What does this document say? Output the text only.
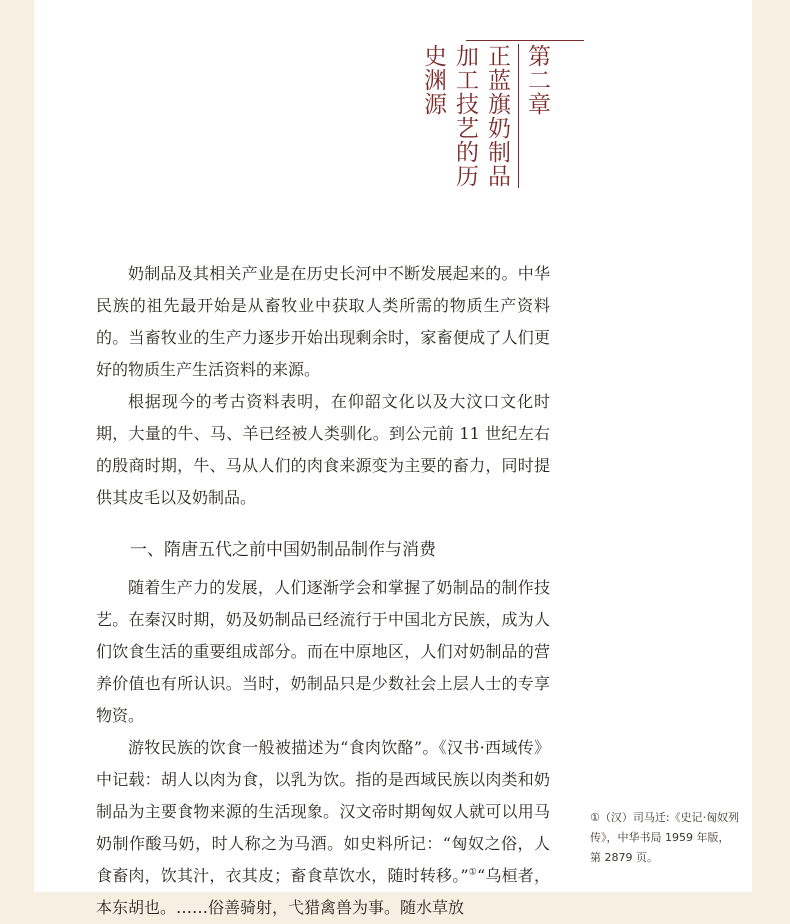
第二章
正蓝旗奶制品
加工技艺的历
史渊源

奶制品及其相关产业是在历史长河中不断发展起来的。中华民族的祖先最开始是从畜牧业中获取人类所需的物质生产资料的。当畜牧业的生产力逐步开始出现剩余时，家畜便成了人们更好的物质生产生活资料的来源。

根据现今的考古资料表明，在仰韶文化以及大汶口文化时期，大量的牛、马、羊已经被人类驯化。到公元前 11 世纪左右的殷商时期，牛、马从人们的肉食来源变为主要的畜力，同时提供其皮毛以及奶制品。

一、隋唐五代之前中国奶制品制作与消费

随着生产力的发展，人们逐渐学会和掌握了奶制品的制作技艺。在秦汉时期，奶及奶制品已经流行于中国北方民族，成为人们饮食生活的重要组成部分。而在中原地区，人们对奶制品的营养价值也有所认识。当时，奶制品只是少数社会上层人士的专享物资。

游牧民族的饮食一般被描述为“食肉饮酪”。《汉书·西域传》中记载：胡人以肉为食，以乳为饮。指的是西域民族以肉类和奶制品为主要食物来源的生活现象。汉文帝时期匈奴人就可以用马奶制作酸马奶，时人称之为马酒。如史料所记：“匈奴之俗，人食畜肉，饮其汁，衣其皮；畜食草饮水，随时转移。”①“乌桓者，本东胡也。……俗善骑射，弋猎禽兽为事。随水草放

①（汉）司马迁:《史记·匈奴列传》，中华书局 1959 年版，第 2879 页。
